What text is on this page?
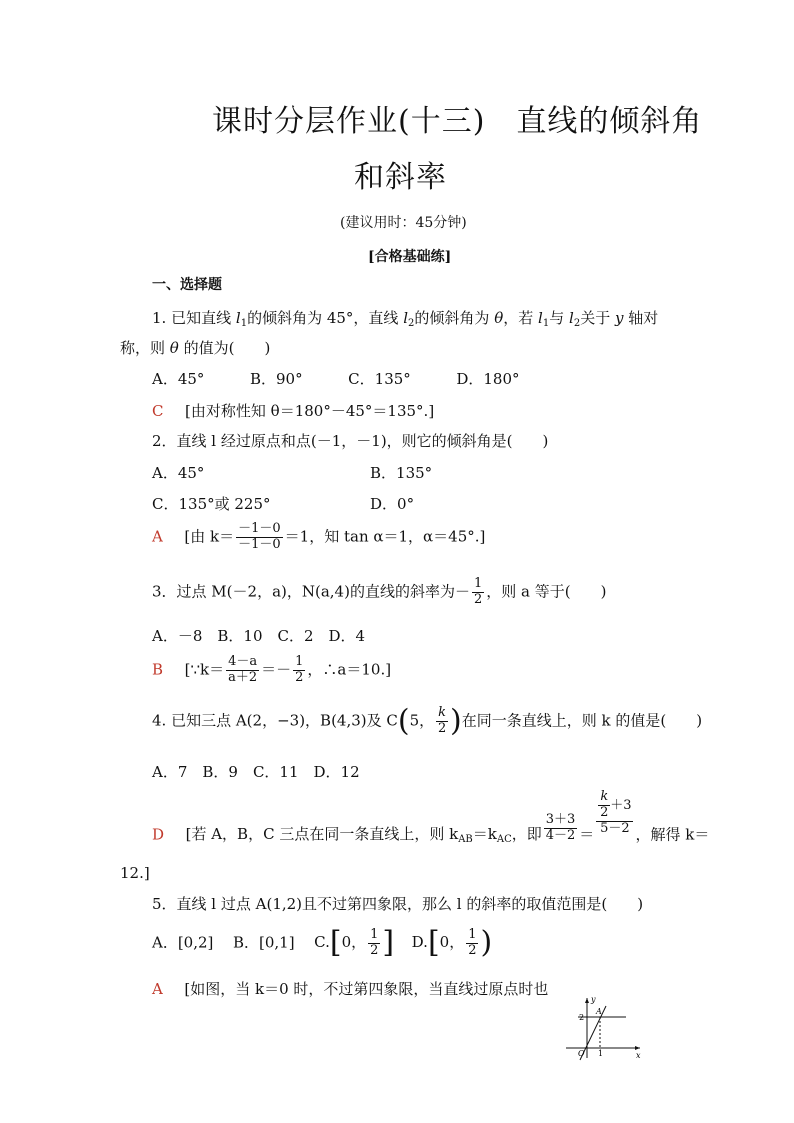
课时分层作业(十三)　直线的倾斜角
和斜率
(建议用时：45分钟)
[合格基础练]
一、选择题
1. 已知直线 $l_1$的倾斜角为 45°，直线 $l_2$的倾斜角为 θ，若 $l_1$与 $l_2$关于 y 轴对
称，则 θ 的值为(　　)
A．45°	B．90°	C．135°	D．180°
C [由对称性知 θ＝180°－45°＝135°.]
2．直线 l 经过原点和点(－1，－1)，则它的倾斜角是(　　)
A．45°	B．135°
C．135°或 225°	D．0°
A [由 $k= \frac{-1-0}{-1-0} =1$，知 tan α＝1，α＝45°.]
3．过点 M(－2，a)，N(a,4)的直线的斜率为－ $\frac{1}{2}$ ，则 a 等于(　　)
A．－8　B．10　C．2　D．4
B [∵k＝ $\frac{4-a}{a+2} =- \frac{1}{2}$ ，∴a＝10.]
4. 已知三点 A(2，−3)，B(4,3)及 C(5， $\frac{k}{2}$ )在同一条直线上，则 k 的值是(　　)
A．7　B．9　C．11　D．12
D [若 A，B，C 三点在同一条直线上，则 $k_{AB}=k_{AC}$，即 $\frac{3+3}{4-2} = \frac{\frac{k}{2} +3}{5-2}$ ，解得 k＝
12.]
5．直线 l 过点 A(1,2)且不过第四象限，那么 l 的斜率的取值范围是(　　)
A．[0,2] B．[0,1] C.[0， $\frac{1}{2}$ ] D.[0， $\frac{1}{2}$ )
A [如图，当 k＝0 时，不过第四象限，当直线过原点时也
y
x
O
A
2
1
